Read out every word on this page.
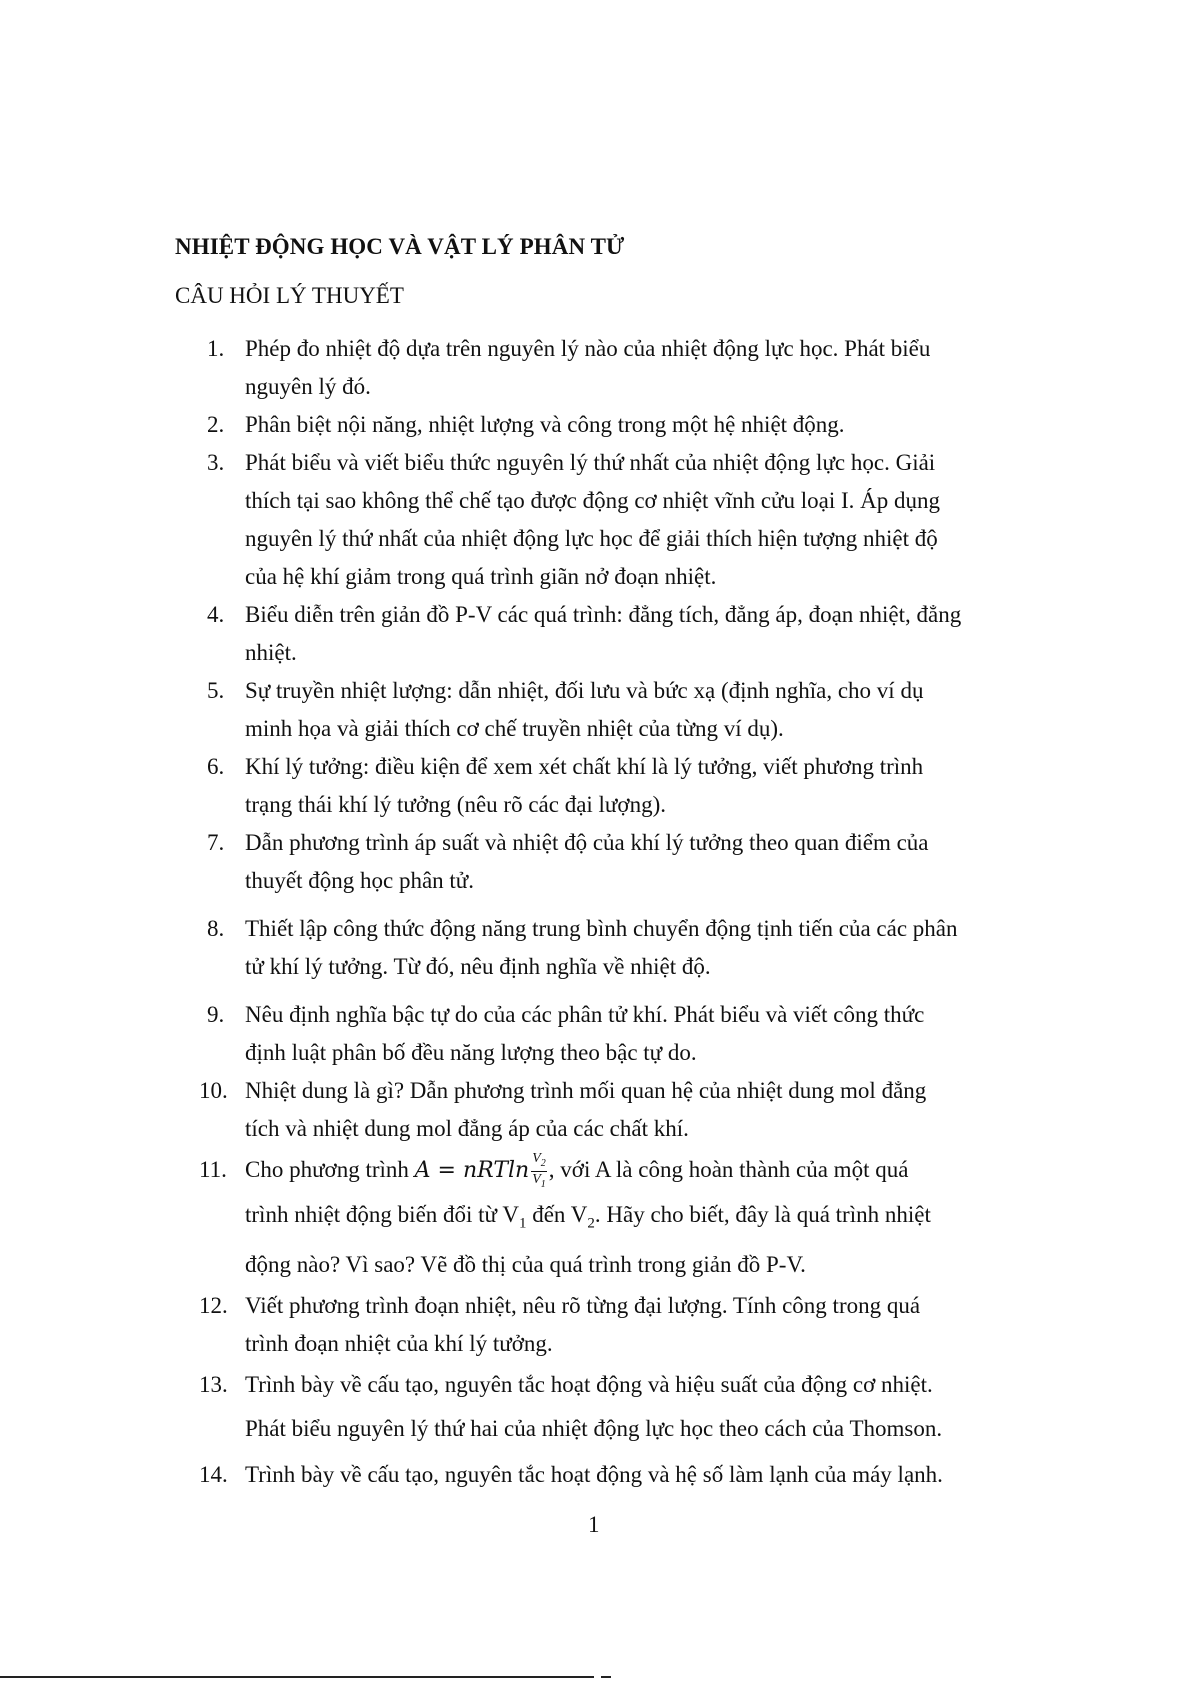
NHIỆT ĐỘNG HỌC VÀ VẬT LÝ PHÂN TỬ
CÂU HỎI LÝ THUYẾT
1. Phép đo nhiệt độ dựa trên nguyên lý nào của nhiệt động lực học. Phát biểu
nguyên lý đó.
2. Phân biệt nội năng, nhiệt lượng và công trong một hệ nhiệt động.
3. Phát biểu và viết biểu thức nguyên lý thứ nhất của nhiệt động lực học. Giải
thích tại sao không thể chế tạo được động cơ nhiệt vĩnh cửu loại I. Áp dụng
nguyên lý thứ nhất của nhiệt động lực học để giải thích hiện tượng nhiệt độ
của hệ khí giảm trong quá trình giãn nở đoạn nhiệt.
4. Biểu diễn trên giản đồ P-V các quá trình: đẳng tích, đẳng áp, đoạn nhiệt, đẳng
nhiệt.
5. Sự truyền nhiệt lượng: dẫn nhiệt, đối lưu và bức xạ (định nghĩa, cho ví dụ
minh họa và giải thích cơ chế truyền nhiệt của từng ví dụ).
6. Khí lý tưởng: điều kiện để xem xét chất khí là lý tưởng, viết phương trình
trạng thái khí lý tưởng (nêu rõ các đại lượng).
7. Dẫn phương trình áp suất và nhiệt độ của khí lý tưởng theo quan điểm của
thuyết động học phân tử.
8. Thiết lập công thức động năng trung bình chuyển động tịnh tiến của các phân
tử khí lý tưởng. Từ đó, nêu định nghĩa về nhiệt độ.
9. Nêu định nghĩa bậc tự do của các phân tử khí. Phát biểu và viết công thức
định luật phân bố đều năng lượng theo bậc tự do.
10. Nhiệt dung là gì? Dẫn phương trình mối quan hệ của nhiệt dung mol đẳng
tích và nhiệt dung mol đẳng áp của các chất khí.
11. Cho phương trình A = nRTln $\frac{V_2}{V_1}$ , với A là công hoàn thành của một quá
trình nhiệt động biến đổi từ $V_1$ đến $V_2$. Hãy cho biết, đây là quá trình nhiệt
động nào? Vì sao? Vẽ đồ thị của quá trình trong giản đồ P-V.
12. Viết phương trình đoạn nhiệt, nêu rõ từng đại lượng. Tính công trong quá
trình đoạn nhiệt của khí lý tưởng.
13. Trình bày về cấu tạo, nguyên tắc hoạt động và hiệu suất của động cơ nhiệt.
Phát biểu nguyên lý thứ hai của nhiệt động lực học theo cách của Thomson.
14. Trình bày về cấu tạo, nguyên tắc hoạt động và hệ số làm lạnh của máy lạnh.
1
